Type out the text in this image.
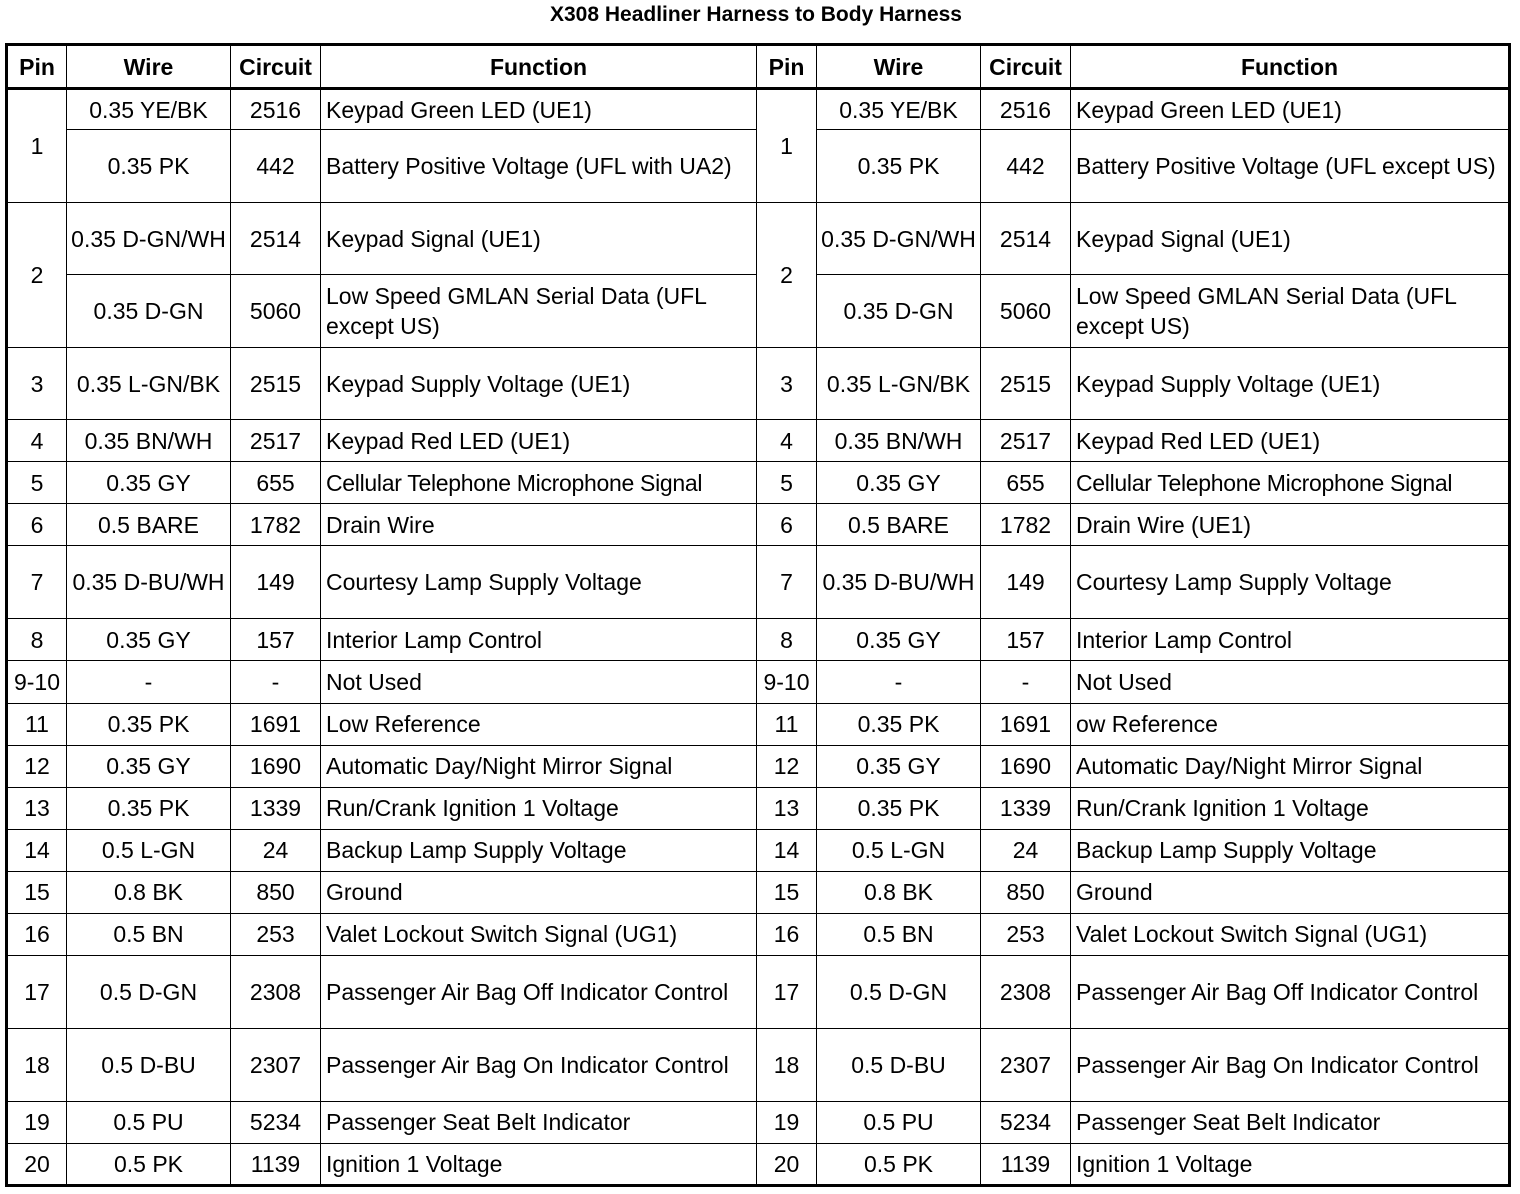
X308 Headliner Harness to Body Harness
Pin	Wire	Circuit	Function	Pin	Wire	Circuit	Function
1	0.35 YE/BK	2516	Keypad Green LED (UE1)	1	0.35 YE/BK	2516	Keypad Green LED (UE1)
	0.35 PK	442	Battery Positive Voltage (UFL with UA2)		0.35 PK	442	Battery Positive Voltage (UFL except US)
2	0.35 D-GN/WH	2514	Keypad Signal (UE1)	2	0.35 D-GN/WH	2514	Keypad Signal (UE1)
	0.35 D-GN	5060	Low Speed GMLAN Serial Data (UFL except US)		0.35 D-GN	5060	Low Speed GMLAN Serial Data (UFL except US)
3	0.35 L-GN/BK	2515	Keypad Supply Voltage (UE1)	3	0.35 L-GN/BK	2515	Keypad Supply Voltage (UE1)
4	0.35 BN/WH	2517	Keypad Red LED (UE1)	4	0.35 BN/WH	2517	Keypad Red LED (UE1)
5	0.35 GY	655	Cellular Telephone Microphone Signal	5	0.35 GY	655	Cellular Telephone Microphone Signal
6	0.5 BARE	1782	Drain Wire	6	0.5 BARE	1782	Drain Wire (UE1)
7	0.35 D-BU/WH	149	Courtesy Lamp Supply Voltage	7	0.35 D-BU/WH	149	Courtesy Lamp Supply Voltage
8	0.35 GY	157	Interior Lamp Control	8	0.35 GY	157	Interior Lamp Control
9-10	-	-	Not Used	9-10	-	-	Not Used
11	0.35 PK	1691	Low Reference	11	0.35 PK	1691	ow Reference
12	0.35 GY	1690	Automatic Day/Night Mirror Signal	12	0.35 GY	1690	Automatic Day/Night Mirror Signal
13	0.35 PK	1339	Run/Crank Ignition 1 Voltage	13	0.35 PK	1339	Run/Crank Ignition 1 Voltage
14	0.5 L-GN	24	Backup Lamp Supply Voltage	14	0.5 L-GN	24	Backup Lamp Supply Voltage
15	0.8 BK	850	Ground	15	0.8 BK	850	Ground
16	0.5 BN	253	Valet Lockout Switch Signal (UG1)	16	0.5 BN	253	Valet Lockout Switch Signal (UG1)
17	0.5 D-GN	2308	Passenger Air Bag Off Indicator Control	17	0.5 D-GN	2308	Passenger Air Bag Off Indicator Control
18	0.5 D-BU	2307	Passenger Air Bag On Indicator Control	18	0.5 D-BU	2307	Passenger Air Bag On Indicator Control
19	0.5 PU	5234	Passenger Seat Belt Indicator	19	0.5 PU	5234	Passenger Seat Belt Indicator
20	0.5 PK	1139	Ignition 1 Voltage	20	0.5 PK	1139	Ignition 1 Voltage
